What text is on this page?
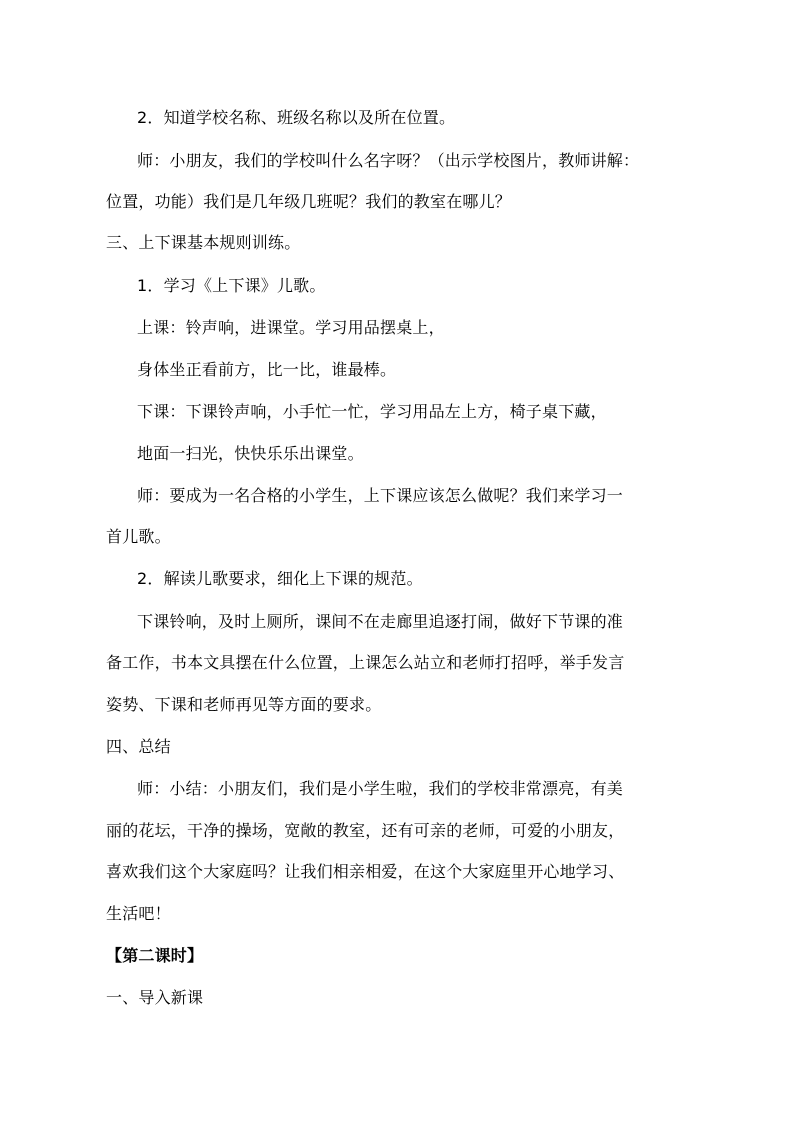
2．知道学校名称、班级名称以及所在位置。
师：小朋友，我们的学校叫什么名字呀？（出示学校图片，教师讲解：
位置，功能）我们是几年级几班呢？我们的教室在哪儿？
三、上下课基本规则训练。
1．学习《上下课》儿歌。
上课：铃声响，进课堂。学习用品摆桌上，
身体坐正看前方，比一比，谁最棒。
下课：下课铃声响，小手忙一忙，学习用品左上方，椅子桌下藏，
地面一扫光，快快乐乐出课堂。
师：要成为一名合格的小学生，上下课应该怎么做呢？我们来学习一
首儿歌。
2．解读儿歌要求，细化上下课的规范。
下课铃响，及时上厕所，课间不在走廊里追逐打闹，做好下节课的准
备工作，书本文具摆在什么位置，上课怎么站立和老师打招呼，举手发言
姿势、下课和老师再见等方面的要求。
四、总结
师：小结：小朋友们，我们是小学生啦，我们的学校非常漂亮，有美
丽的花坛，干净的操场，宽敞的教室，还有可亲的老师，可爱的小朋友，
喜欢我们这个大家庭吗？让我们相亲相爱，在这个大家庭里开心地学习、
生活吧！
【第二课时】
一、导入新课
